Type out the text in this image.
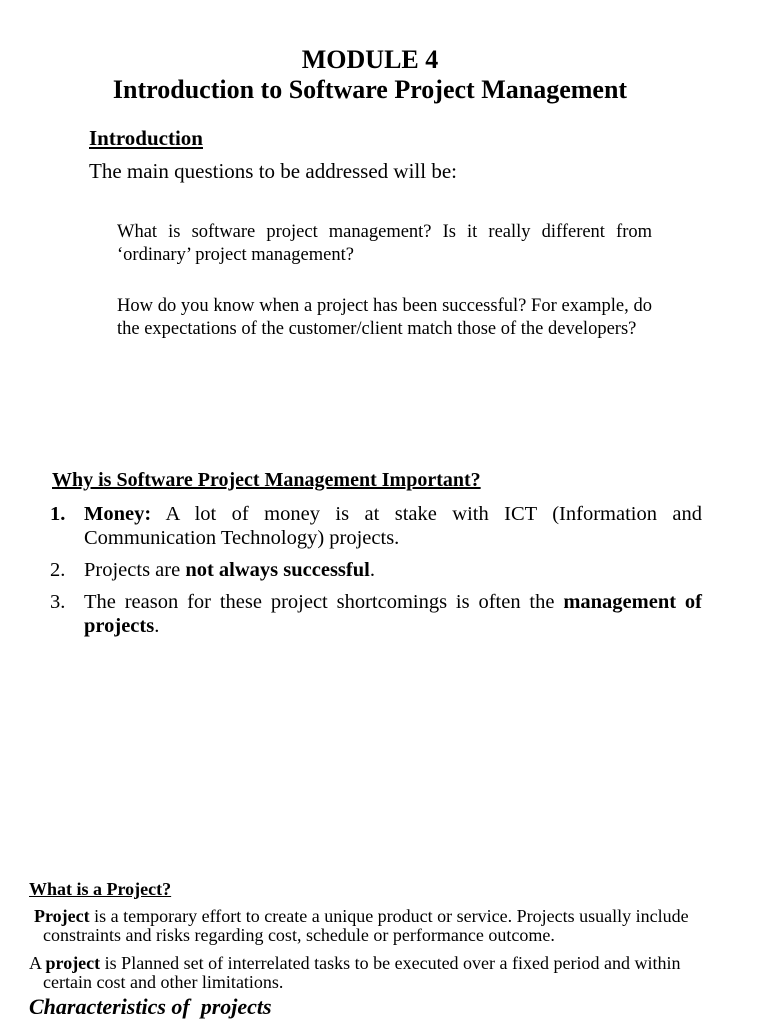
MODULE 4
Introduction to Software Project Management
Introduction
The main questions to be addressed will be:
What is software project management? Is it really different from ‘ordinary’ project management?
How do you know when a project has been successful? For example, do the expectations of the customer/client match those of the developers?
Why is Software Project Management Important?
1. Money: A lot of money is at stake with ICT (Information and Communication Technology) projects.
2. Projects are not always successful.
3. The reason for these project shortcomings is often the management of projects.
What is a Project?
Project is a temporary effort to create a unique product or service. Projects usually include constraints and risks regarding cost, schedule or performance outcome.
A project is Planned set of interrelated tasks to be executed over a fixed period and within certain cost and other limitations.
Characteristics of  projects
